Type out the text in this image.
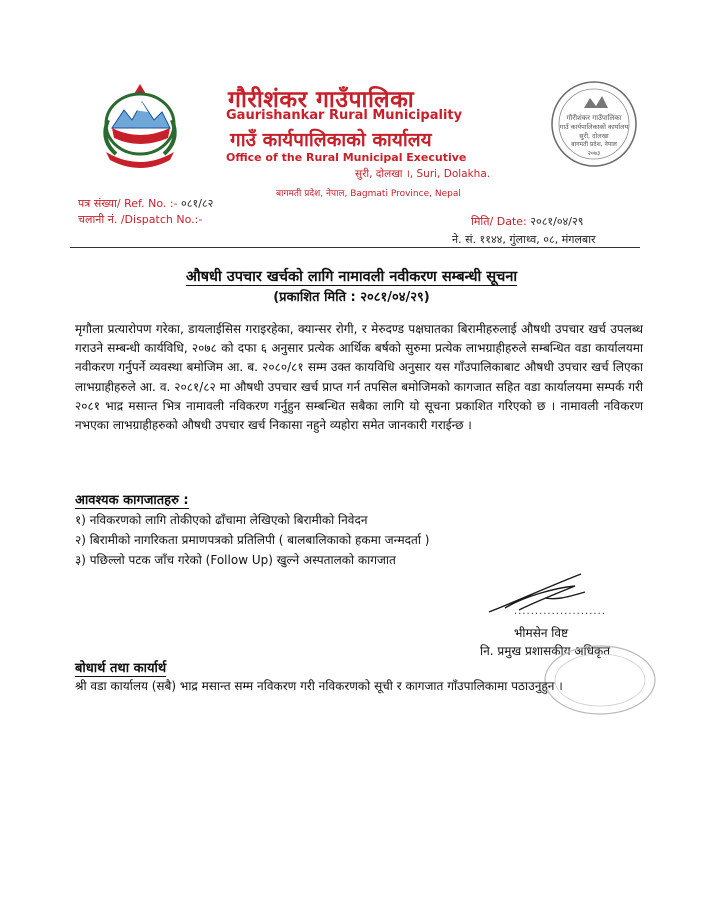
गौरीशंकर गाउँपालिका
Gaurishankar Rural Municipality
गाउँ कार्यपालिकाको कार्यालय
Office of the Rural Municipal Executive
सुरी, दोलखा ।, Suri, Dolakha.
बागमती प्रदेश, नेपाल, Bagmati Province, Nepal
गौरीशंकर गाउँपालिका
गाउँ कार्यपालिकाको कार्यालय
सुरी, दोलखा
बागमती प्रदेश, नेपाल
२०७३
पत्र संख्या/ Ref. No. :- ०८१/८२
चलानी नं. /Dispatch No.:-	मिति/ Date: २०८१/०४/२९
ने. सं. ११४४, गुंलाथ्व, ०८, मंगलबार
औषधी उपचार खर्चको लागि नामावली नवीकरण सम्बन्धी सूचना
(प्रकाशित मिति : २०८१/०४/२९)
मृगौला प्रत्यारोपण गरेका, डायलाईसिस गराइरहेका, क्यान्सर रोगी, र मेरुदण्ड पक्षघातका बिरामीहरुलाई औषधी उपचार खर्च उपलब्ध गराउने सम्बन्धी कार्यविधि, २०७८ को दफा ६ अनुसार प्रत्येक आर्थिक बर्षको सुरुमा प्रत्येक लाभग्राहीहरुले सम्बन्धित वडा कार्यालयमा नवीकरण गर्नुपर्ने व्यवस्था बमोजिम आ. ब. २०८०/८१ सम्म उक्त कायविधि अनुसार यस गाँउपालिकाबाट औषधी उपचार खर्च लिएका लाभग्राहीहरुले आ. व. २०८१/८२ मा औषधी उपचार खर्च प्राप्त गर्न तपसिल बमोजिमको कागजात सहित वडा कार्यालयमा सम्पर्क गरी २०८१ भाद्र मसान्त भित्र नामावली नविकरण गर्नुहुन सम्बन्धित सबैका लागि यो सूचना प्रकाशित गरिएको छ । नामावली नविकरण नभएका लाभग्राहीहरुको औषधी उपचार खर्च निकासा नहुने व्यहोरा समेत जानकारी गराईन्छ ।
आवश्यक कागजातहरु :
१) नविकरणको लागि तोकीएको ढाँचामा लेखिएको बिरामीको निवेदन
२) बिरामीको नागरिकता प्रमाणपत्रको प्रतिलिपी ( बालबालिकाको हकमा जन्मदर्ता )
३) पछिल्लो पटक जाँच गरेको (Follow Up) खुल्ने अस्पतालको कागजात
......................
भीमसेन विष्ट
नि. प्रमुख प्रशासकीय अधिकृत
बोधार्थ तथा कार्यार्थ
श्री वडा कार्यालय (सबै) भाद्र मसान्त सम्म नविकरण गरी नविकरणको सूची र कागजात गाँउपालिकामा पठाउनुहुन ।
